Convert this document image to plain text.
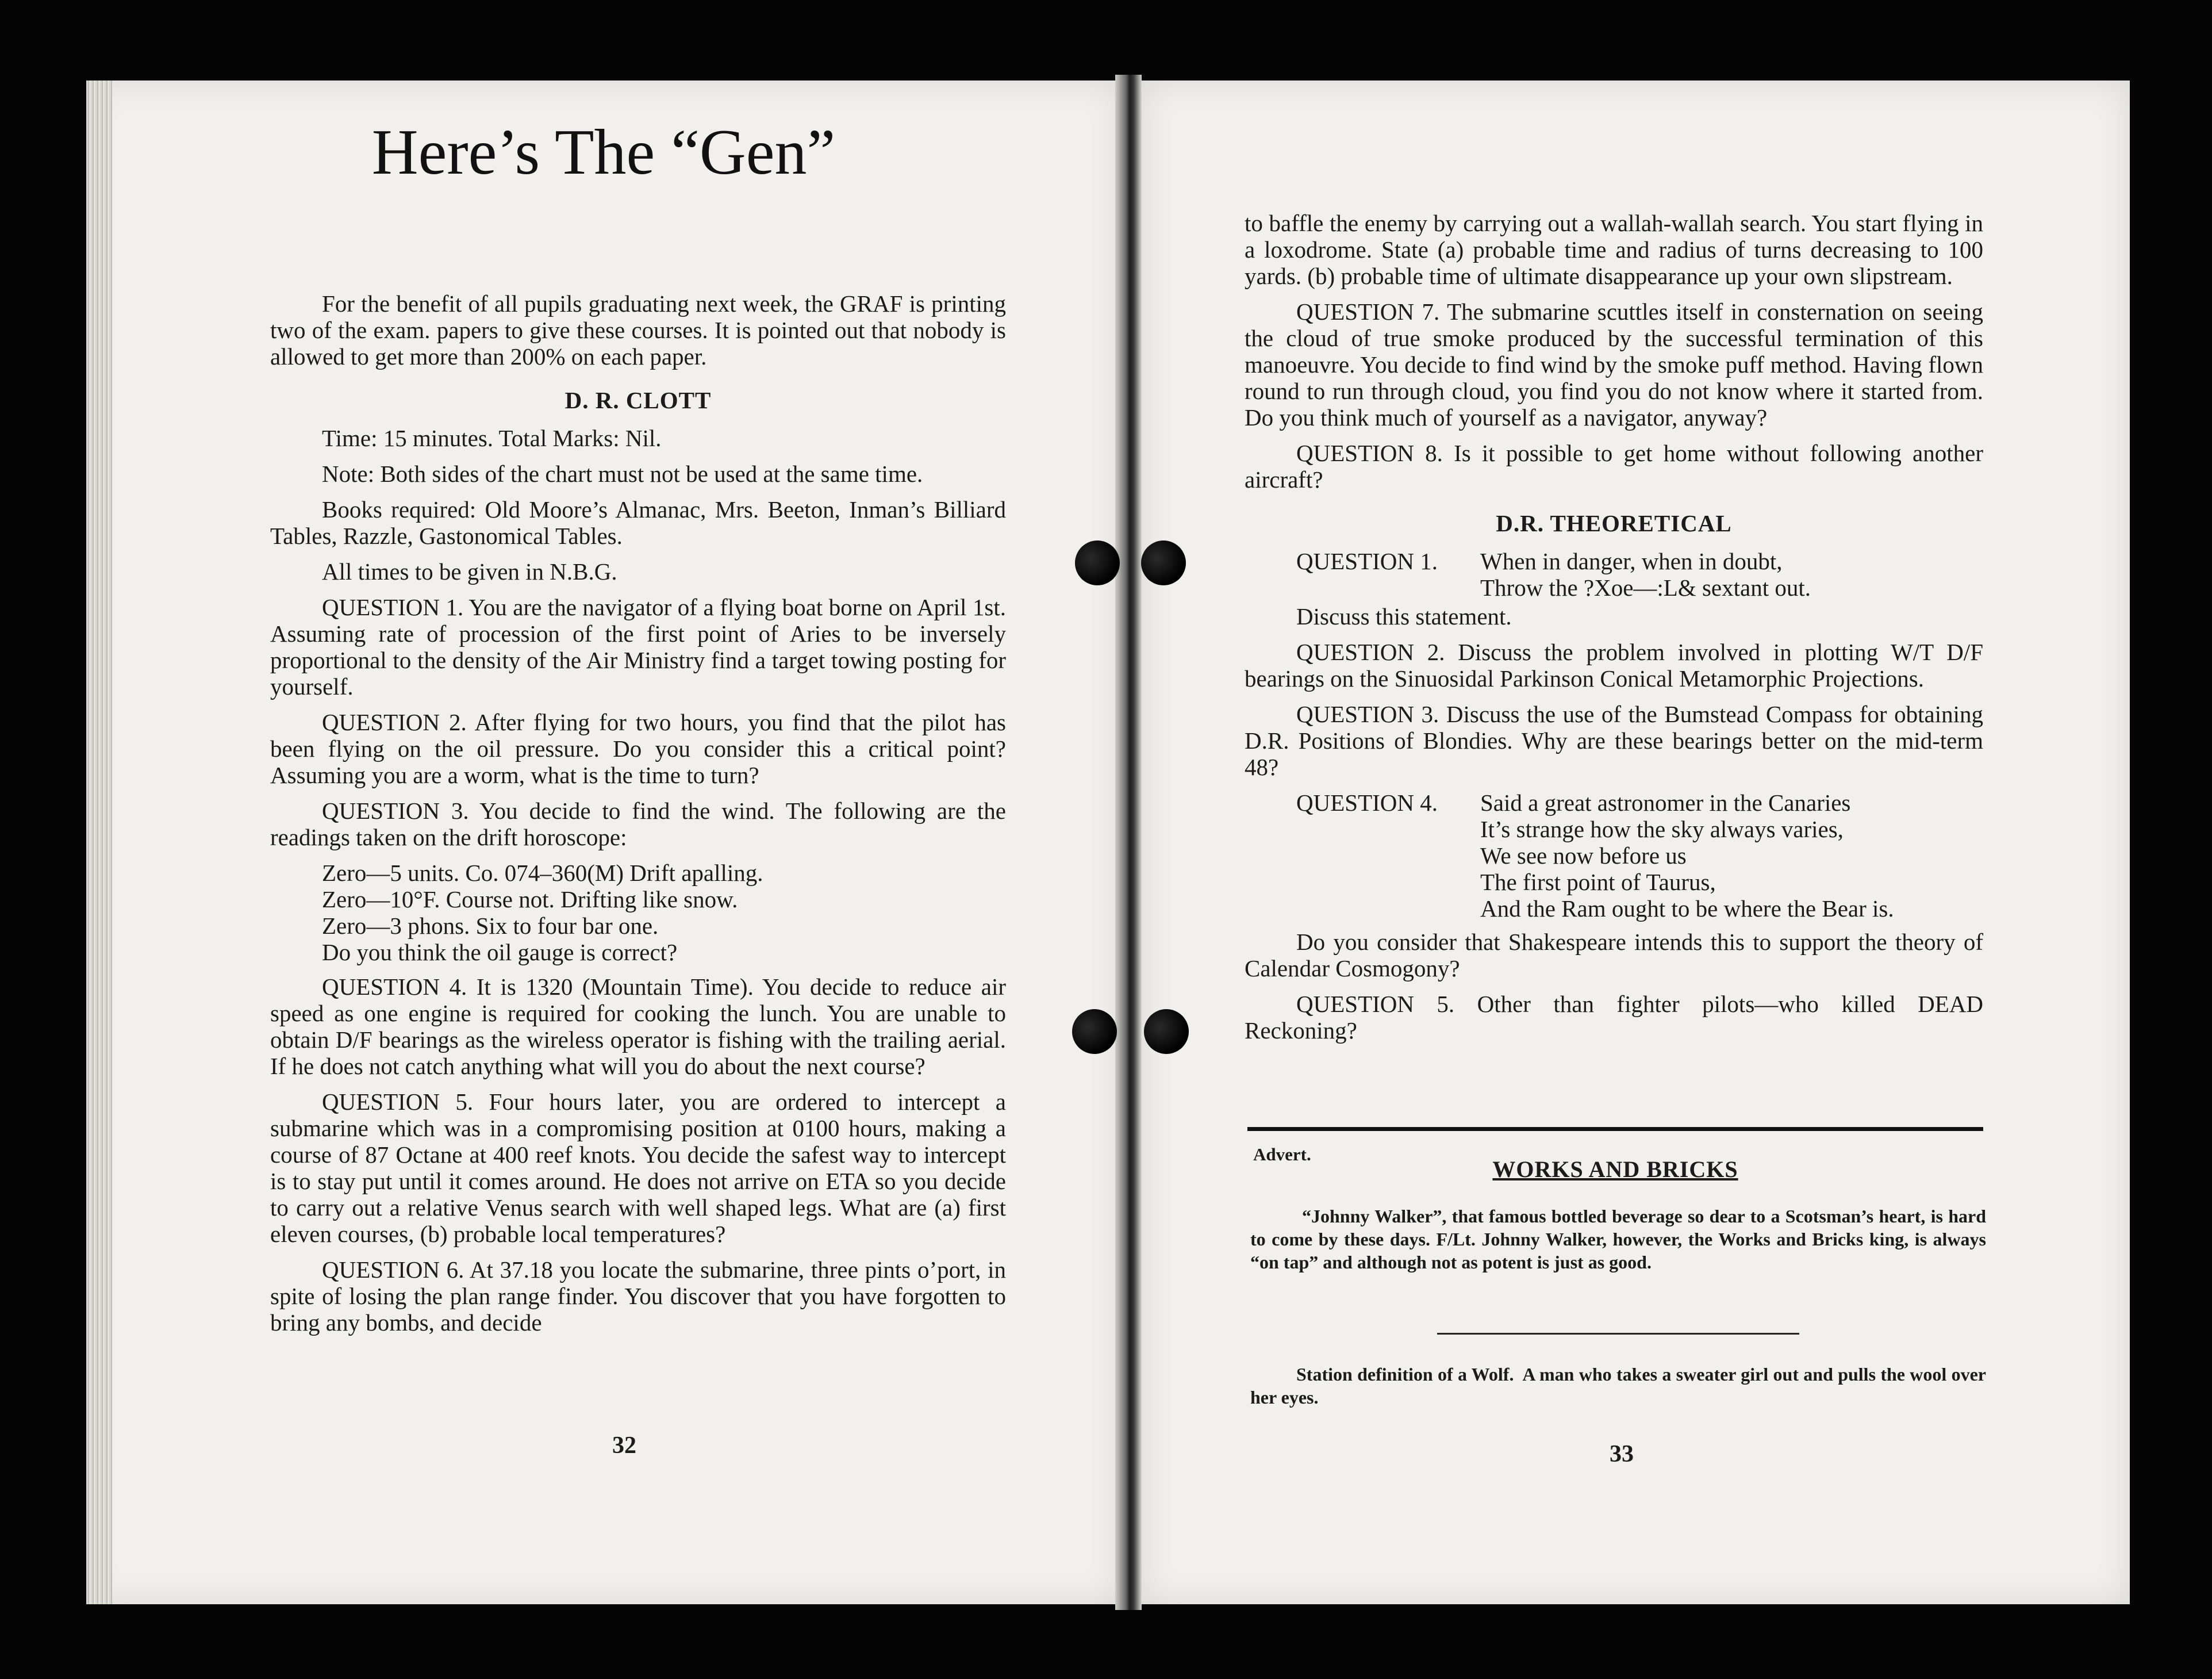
Here’s The “Gen”

For the benefit of all pupils graduating next week, the GRAF is printing two of the exam. papers to give these courses. It is pointed out that nobody is allowed to get more than 200% on each paper.

D. R. CLOTT

Time: 15 minutes. Total Marks: Nil.

Note: Both sides of the chart must not be used at the same time.

Books required: Old Moore’s Almanac, Mrs. Beeton, Inman’s Billiard Tables, Razzle, Gastonomical Tables.

All times to be given in N.B.G.

QUESTION 1. You are the navigator of a flying boat borne on April 1st. Assuming rate of procession of the first point of Aries to be inversely proportional to the density of the Air Ministry find a target towing posting for yourself.

QUESTION 2. After flying for two hours, you find that the pilot has been flying on the oil pressure. Do you consider this a critical point? Assuming you are a worm, what is the time to turn?

QUESTION 3. You decide to find the wind. The following are the readings taken on the drift horoscope:

Zero—5 units. Co. 074–360(M) Drift apalling.
Zero—10°F. Course not. Drifting like snow.
Zero—3 phons. Six to four bar one.
Do you think the oil gauge is correct?

QUESTION 4. It is 1320 (Mountain Time). You decide to reduce air speed as one engine is required for cooking the lunch. You are unable to obtain D/F bearings as the wireless operator is fishing with the trailing aerial. If he does not catch anything what will you do about the next course?

QUESTION 5. Four hours later, you are ordered to intercept a submarine which was in a compromising position at 0100 hours, making a course of 87 Octane at 400 reef knots. You decide the safest way to intercept is to stay put until it comes around. He does not arrive on ETA so you decide to carry out a relative Venus search with well shaped legs. What are (a) first eleven courses, (b) probable local temperatures?

QUESTION 6. At 37.18 you locate the submarine, three pints o’port, in spite of losing the plan range finder. You discover that you have forgotten to bring any bombs, and decide

32

to baffle the enemy by carrying out a wallah-wallah search. You start flying in a loxodrome. State (a) probable time and radius of turns decreasing to 100 yards. (b) probable time of ultimate disappearance up your own slipstream.

QUESTION 7. The submarine scuttles itself in consternation on seeing the cloud of true smoke produced by the successful termination of this manoeuvre. You decide to find wind by the smoke puff method. Having flown round to run through cloud, you find you do not know where it started from. Do you think much of yourself as a navigator, anyway?

QUESTION 8. Is it possible to get home without following another aircraft?

D.R. THEORETICAL
QUESTION 1.	When in danger, when in doubt,
Throw the ?Xoe—:L& sextant out.

Discuss this statement.

QUESTION 2. Discuss the problem involved in plotting W/T D/F bearings on the Sinuosidal Parkinson Conical Metamorphic Projections.

QUESTION 3. Discuss the use of the Bumstead Compass for obtaining D.R. Positions of Blondies. Why are these bearings better on the mid-term 48?

QUESTION 4.	Said a great astronomer in the Canaries
It’s strange how the sky always varies,
We see now before us
The first point of Taurus,
And the Ram ought to be where the Bear is.

Do you consider that Shakespeare intends this to support the theory of Calendar Cosmogony?

QUESTION 5. Other than fighter pilots—who killed DEAD Reckoning?

Advert.
WORKS AND BRICKS

“Johnny Walker”, that famous bottled beverage so dear to a Scotsman’s heart, is hard to come by these days. F/Lt. Johnny Walker, however, the Works and Bricks king, is always “on tap” and although not as potent is just as good.

Station definition of a Wolf. A man who takes a sweater girl out and pulls the wool over her eyes.

33
